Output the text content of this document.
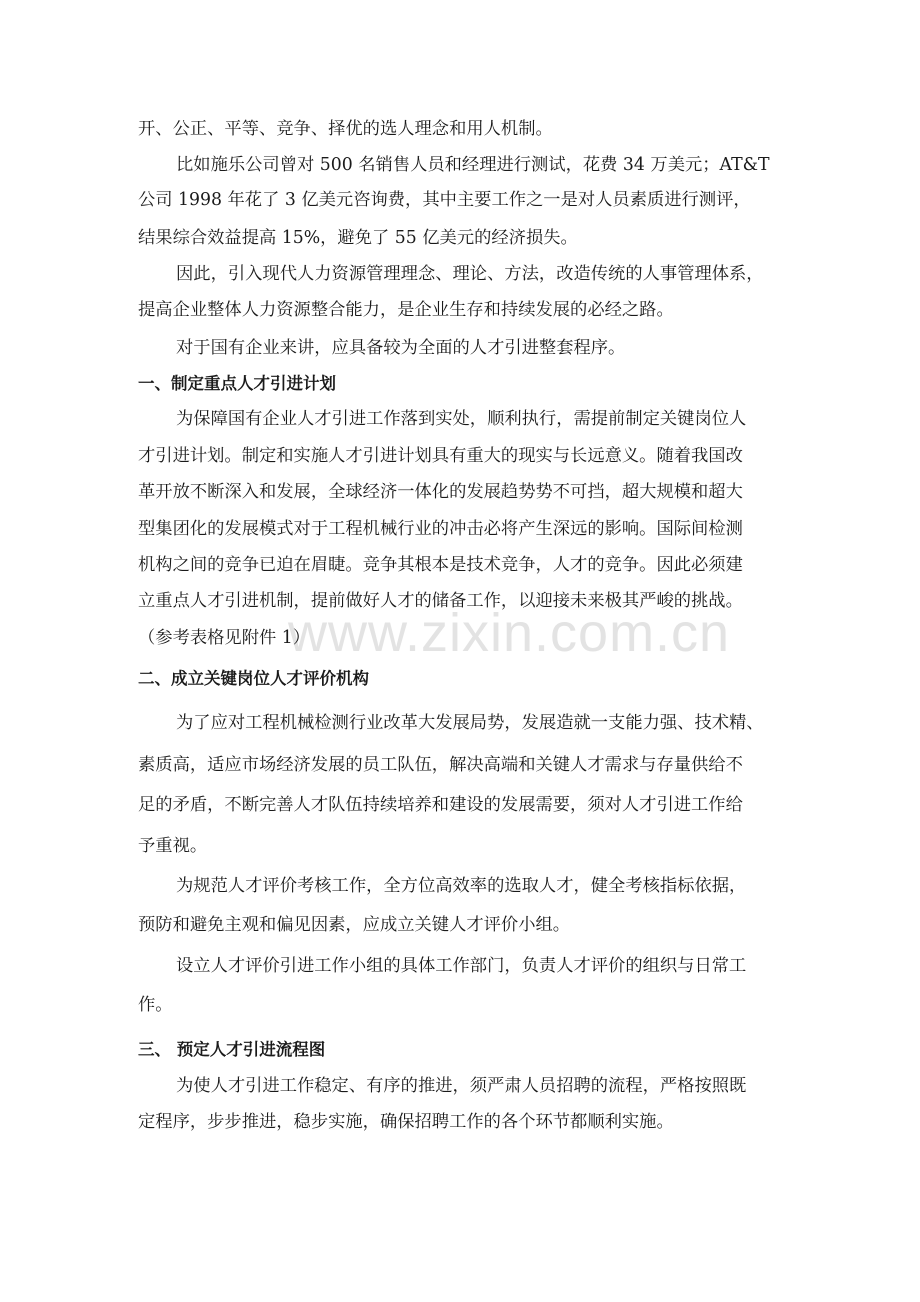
www.zixin.com.cn
开、公正、平等、竞争、择优的选人理念和用人机制。
比如施乐公司曾对 500 名销售人员和经理进行测试，花费 34 万美元；AT&T
公司 1998 年花了 3 亿美元咨询费，其中主要工作之一是对人员素质进行测评，
结果综合效益提高 15%，避免了 55 亿美元的经济损失。
因此，引入现代人力资源管理理念、理论、方法，改造传统的人事管理体系，
提高企业整体人力资源整合能力，是企业生存和持续发展的必经之路。
对于国有企业来讲，应具备较为全面的人才引进整套程序。
一、制定重点人才引进计划
为保障国有企业人才引进工作落到实处，顺利执行，需提前制定关键岗位人
才引进计划。制定和实施人才引进计划具有重大的现实与长远意义。随着我国改
革开放不断深入和发展，全球经济一体化的发展趋势势不可挡，超大规模和超大
型集团化的发展模式对于工程机械行业的冲击必将产生深远的影响。国际间检测
机构之间的竞争已迫在眉睫。竞争其根本是技术竞争，人才的竞争。因此必须建
立重点人才引进机制，提前做好人才的储备工作，以迎接未来极其严峻的挑战。
（参考表格见附件 1）
二、成立关键岗位人才评价机构
为了应对工程机械检测行业改革大发展局势，发展造就一支能力强、技术精、
素质高，适应市场经济发展的员工队伍，解决高端和关键人才需求与存量供给不
足的矛盾，不断完善人才队伍持续培养和建设的发展需要，须对人才引进工作给
予重视。
为规范人才评价考核工作，全方位高效率的选取人才，健全考核指标依据，
预防和避免主观和偏见因素，应成立关键人才评价小组。
设立人才评价引进工作小组的具体工作部门，负责人才评价的组织与日常工
作。
三、 预定人才引进流程图
为使人才引进工作稳定、有序的推进，须严肃人员招聘的流程，严格按照既
定程序，步步推进，稳步实施，确保招聘工作的各个环节都顺利实施。
